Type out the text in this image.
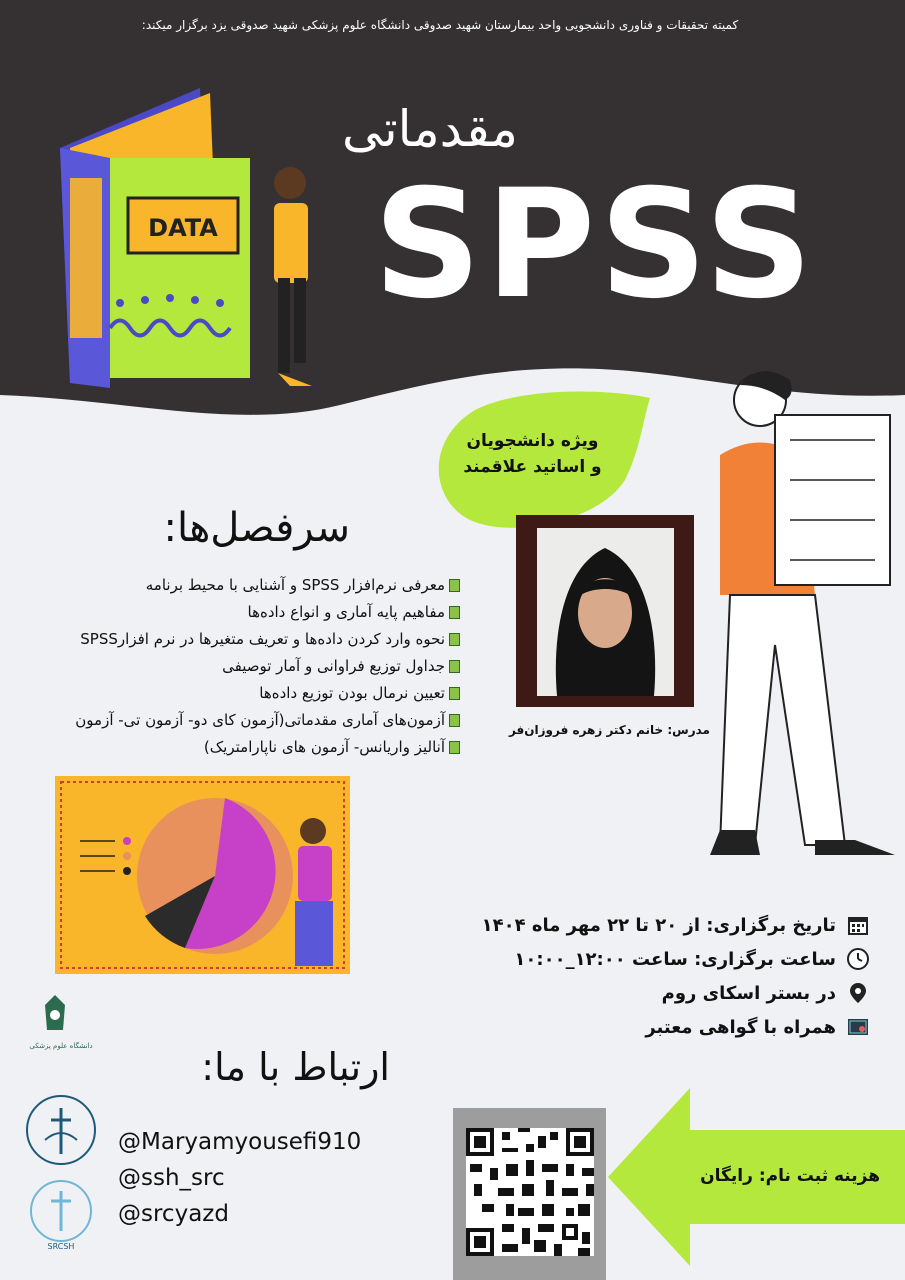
کمیته تحقیقات و فناوری دانشجویی واحد بیمارستان شهید صدوقی دانشگاه علوم پزشکی شهید صدوقی یزد برگزار میکند:
مقدماتی
SPSS
DATA
ویژه دانشجویان
و اساتید علاقمند
سرفصل‌ها:
معرفی نرم‌افزار SPSS و آشنایی با محیط برنامه
مفاهیم پایه آماری و انواع داده‌ها
نحوه وارد کردن داده‌ها و تعریف متغیرها در نرم افزارSPSS
جداول توزیع فراوانی و آمار توصیفی
تعیین نرمال بودن توزیع داده‌ها
آزمون‌های آماری مقدماتی(آزمون کای دو- آزمون تی- آزمون
آنالیز واریانس- آزمون های ناپارامتریک)
مدرس: خانم دکتر زهره فروزان‌فر
تاریخ برگزاری: از ۲۰ تا ۲۲ مهر ماه ۱۴۰۴
ساعت برگزاری: ساعت ۱۲:۰۰_۱۰:۰۰
در بستر اسکای روم
همراه با گواهی معتبر
دانشگاه علوم پزشکی
SRCSH
ارتباط با ما:
@Maryamyousefi910
@ssh_src
@srcyazd
هزینه ثبت نام: رایگان
